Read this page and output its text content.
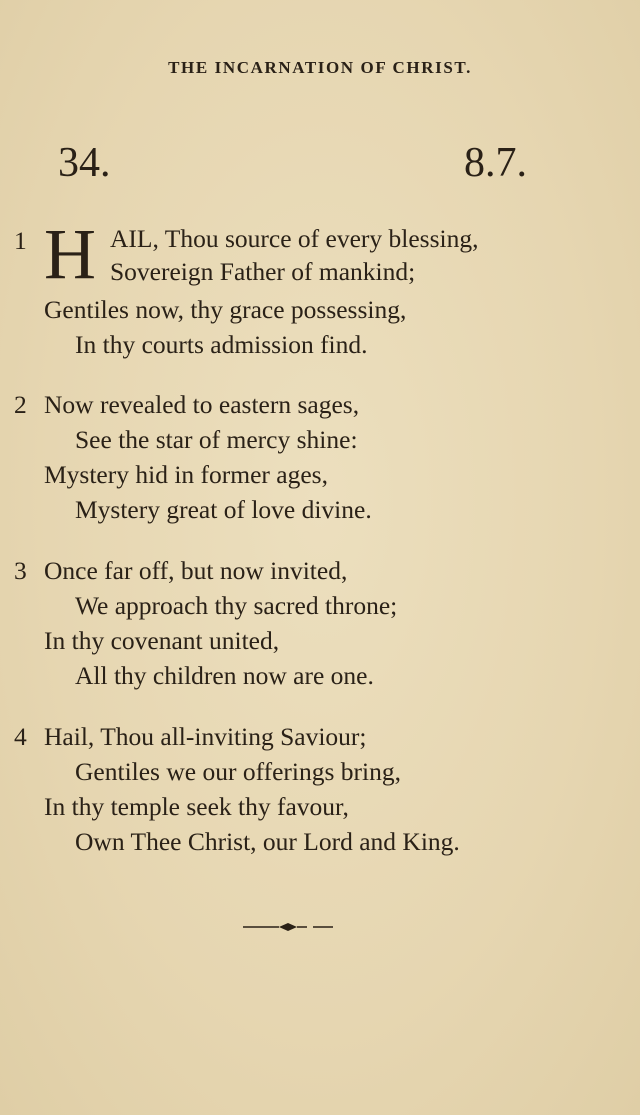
THE INCARNATION OF CHRIST.
34.	8.7.
1 H AIL, Thou source of every blessing,
Sovereign Father of mankind;
Gentiles now, thy grace possessing,
In thy courts admission find.
2 Now revealed to eastern sages,
See the star of mercy shine:
Mystery hid in former ages,
Mystery great of love divine.
3 Once far off, but now invited,
We approach thy sacred throne;
In thy covenant united,
All thy children now are one.
4 Hail, Thou all-inviting Saviour;
Gentiles we our offerings bring,
In thy temple seek thy favour,
Own Thee Christ, our Lord and King.
